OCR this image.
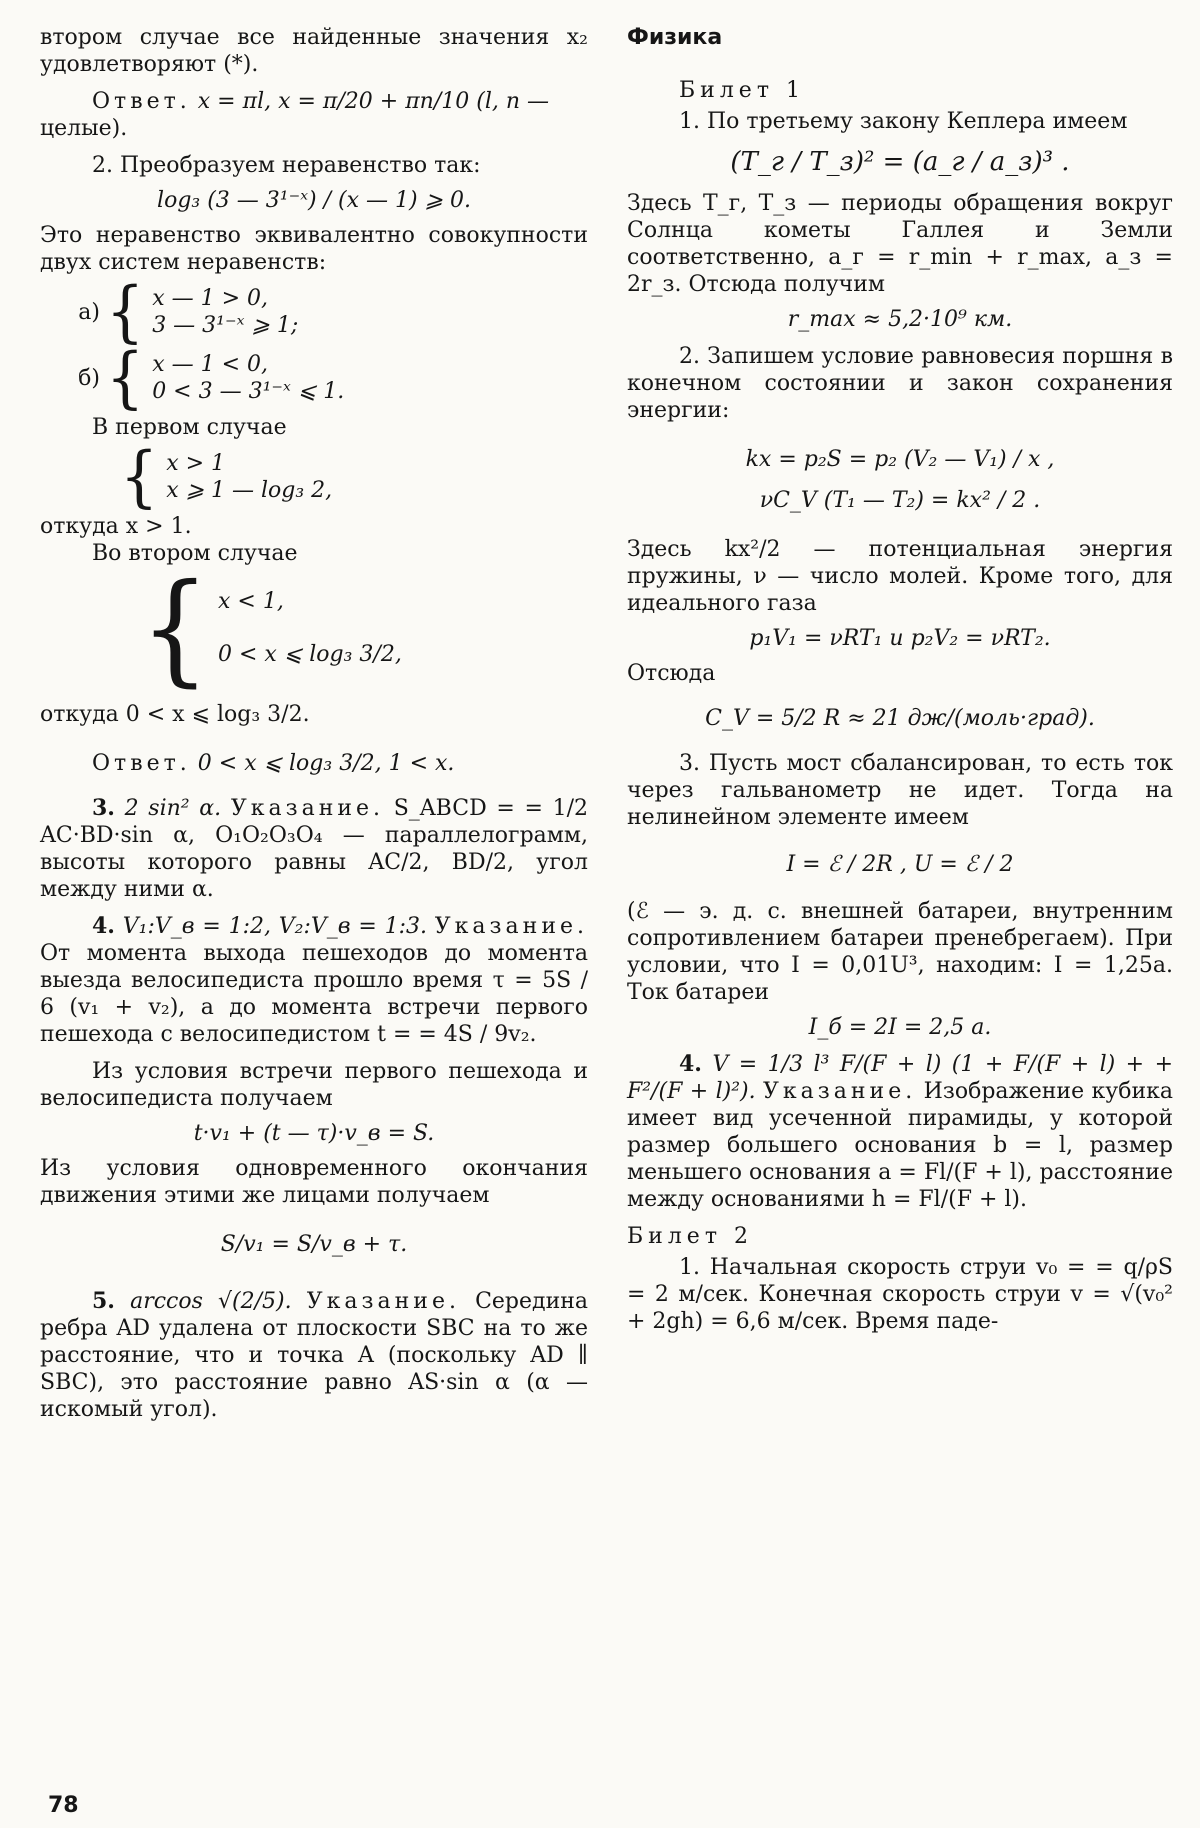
втором случае все найденные значения x₂ удовлетворяют (*).

Ответ. x = πl, x = π/20 + πn/10 (l, n —

целые).

2. Преобразуем неравенство так:

log₃ (3 — 3¹⁻ˣ) / (x — 1) ⩾ 0.

Это неравенство эквивалентно совокупности двух систем неравенств:

а) { x — 1 > 0,
3 — 3¹⁻ˣ ⩾ 1;
б) { x — 1 < 0,
0 < 3 — 3¹⁻ˣ ⩽ 1.

В первом случае

{ x > 1
x ⩾ 1 — log₃ 2,

откуда x > 1.

Во втором случае

{ x < 1,
0 < x ⩽ log₃ 3/2,

откуда 0 < x ⩽ log₃ 3/2.

Ответ. 0 < x ⩽ log₃ 3/2, 1 < x.

3. 2 sin² α. Указание. S_ABCD = = 1/2 AC·BD·sin α, O₁O₂O₃O₄ — параллелограмм, высоты которого равны AC/2, BD/2, угол между ними α.

4. V₁:V_в = 1:2, V₂:V_в = 1:3. Указание. От момента выхода пешеходов до момента выезда велосипедиста прошло время τ = 5S / 6 (v₁ + v₂), а до момента встречи первого пешехода с велосипедистом t = = 4S / 9v₂.

Из условия встречи первого пешехода и велосипедиста получаем

t·v₁ + (t — τ)·v_в = S.

Из условия одновременного окончания движения этими же лицами получаем

S/v₁ = S/v_в + τ.

5. arccos √(2/5). Указание. Середина ребра AD удалена от плоскости SBC на то же расстояние, что и точка A (поскольку AD ∥ SBC), это расстояние равно AS·sin α (α — искомый угол).

Физика

Билет 1

1. По третьему закону Кеплера имеем

(T_г / T_з)² = (a_г / a_з)³ .

Здесь T_г, T_з — периоды обращения вокруг Солнца кометы Галлея и Земли соответственно, a_г = r_min + r_max, a_з = 2r_з. Отсюда получим

r_max ≈ 5,2·10⁹ км.

2. Запишем условие равновесия поршня в конечном состоянии и закон сохранения энергии:

kx = p₂S = p₂ (V₂ — V₁) / x ,

νC_V (T₁ — T₂) = kx² / 2 .

Здесь kx²/2 — потенциальная энергия пружины, ν — число молей. Кроме того, для идеального газа

p₁V₁ = νRT₁ и p₂V₂ = νRT₂.

Отсюда

C_V = 5/2 R ≈ 21 дж/(моль·град).

3. Пусть мост сбалансирован, то есть ток через гальванометр не идет. Тогда на нелинейном элементе имеем

I = ℰ / 2R , U = ℰ / 2

(ℰ — э. д. с. внешней батареи, внутренним сопротивлением батареи пренебрегаем). При условии, что I = 0,01U³, находим: I = 1,25а. Ток батареи

I_б = 2I = 2,5 а.

4. V = 1/3 l³ F/(F + l) (1 + F/(F + l) + + F²/(F + l)²). Указание. Изображение кубика имеет вид усеченной пирамиды, у которой размер большего основания b = l, размер меньшего основания a = Fl/(F + l), расстояние между основаниями h = Fl/(F + l).

Билет 2

1. Начальная скорость струи v₀ = = q/ρS = 2 м/сек. Конечная скорость струи v = √(v₀² + 2gh) = 6,6 м/сек. Время паде-

78
